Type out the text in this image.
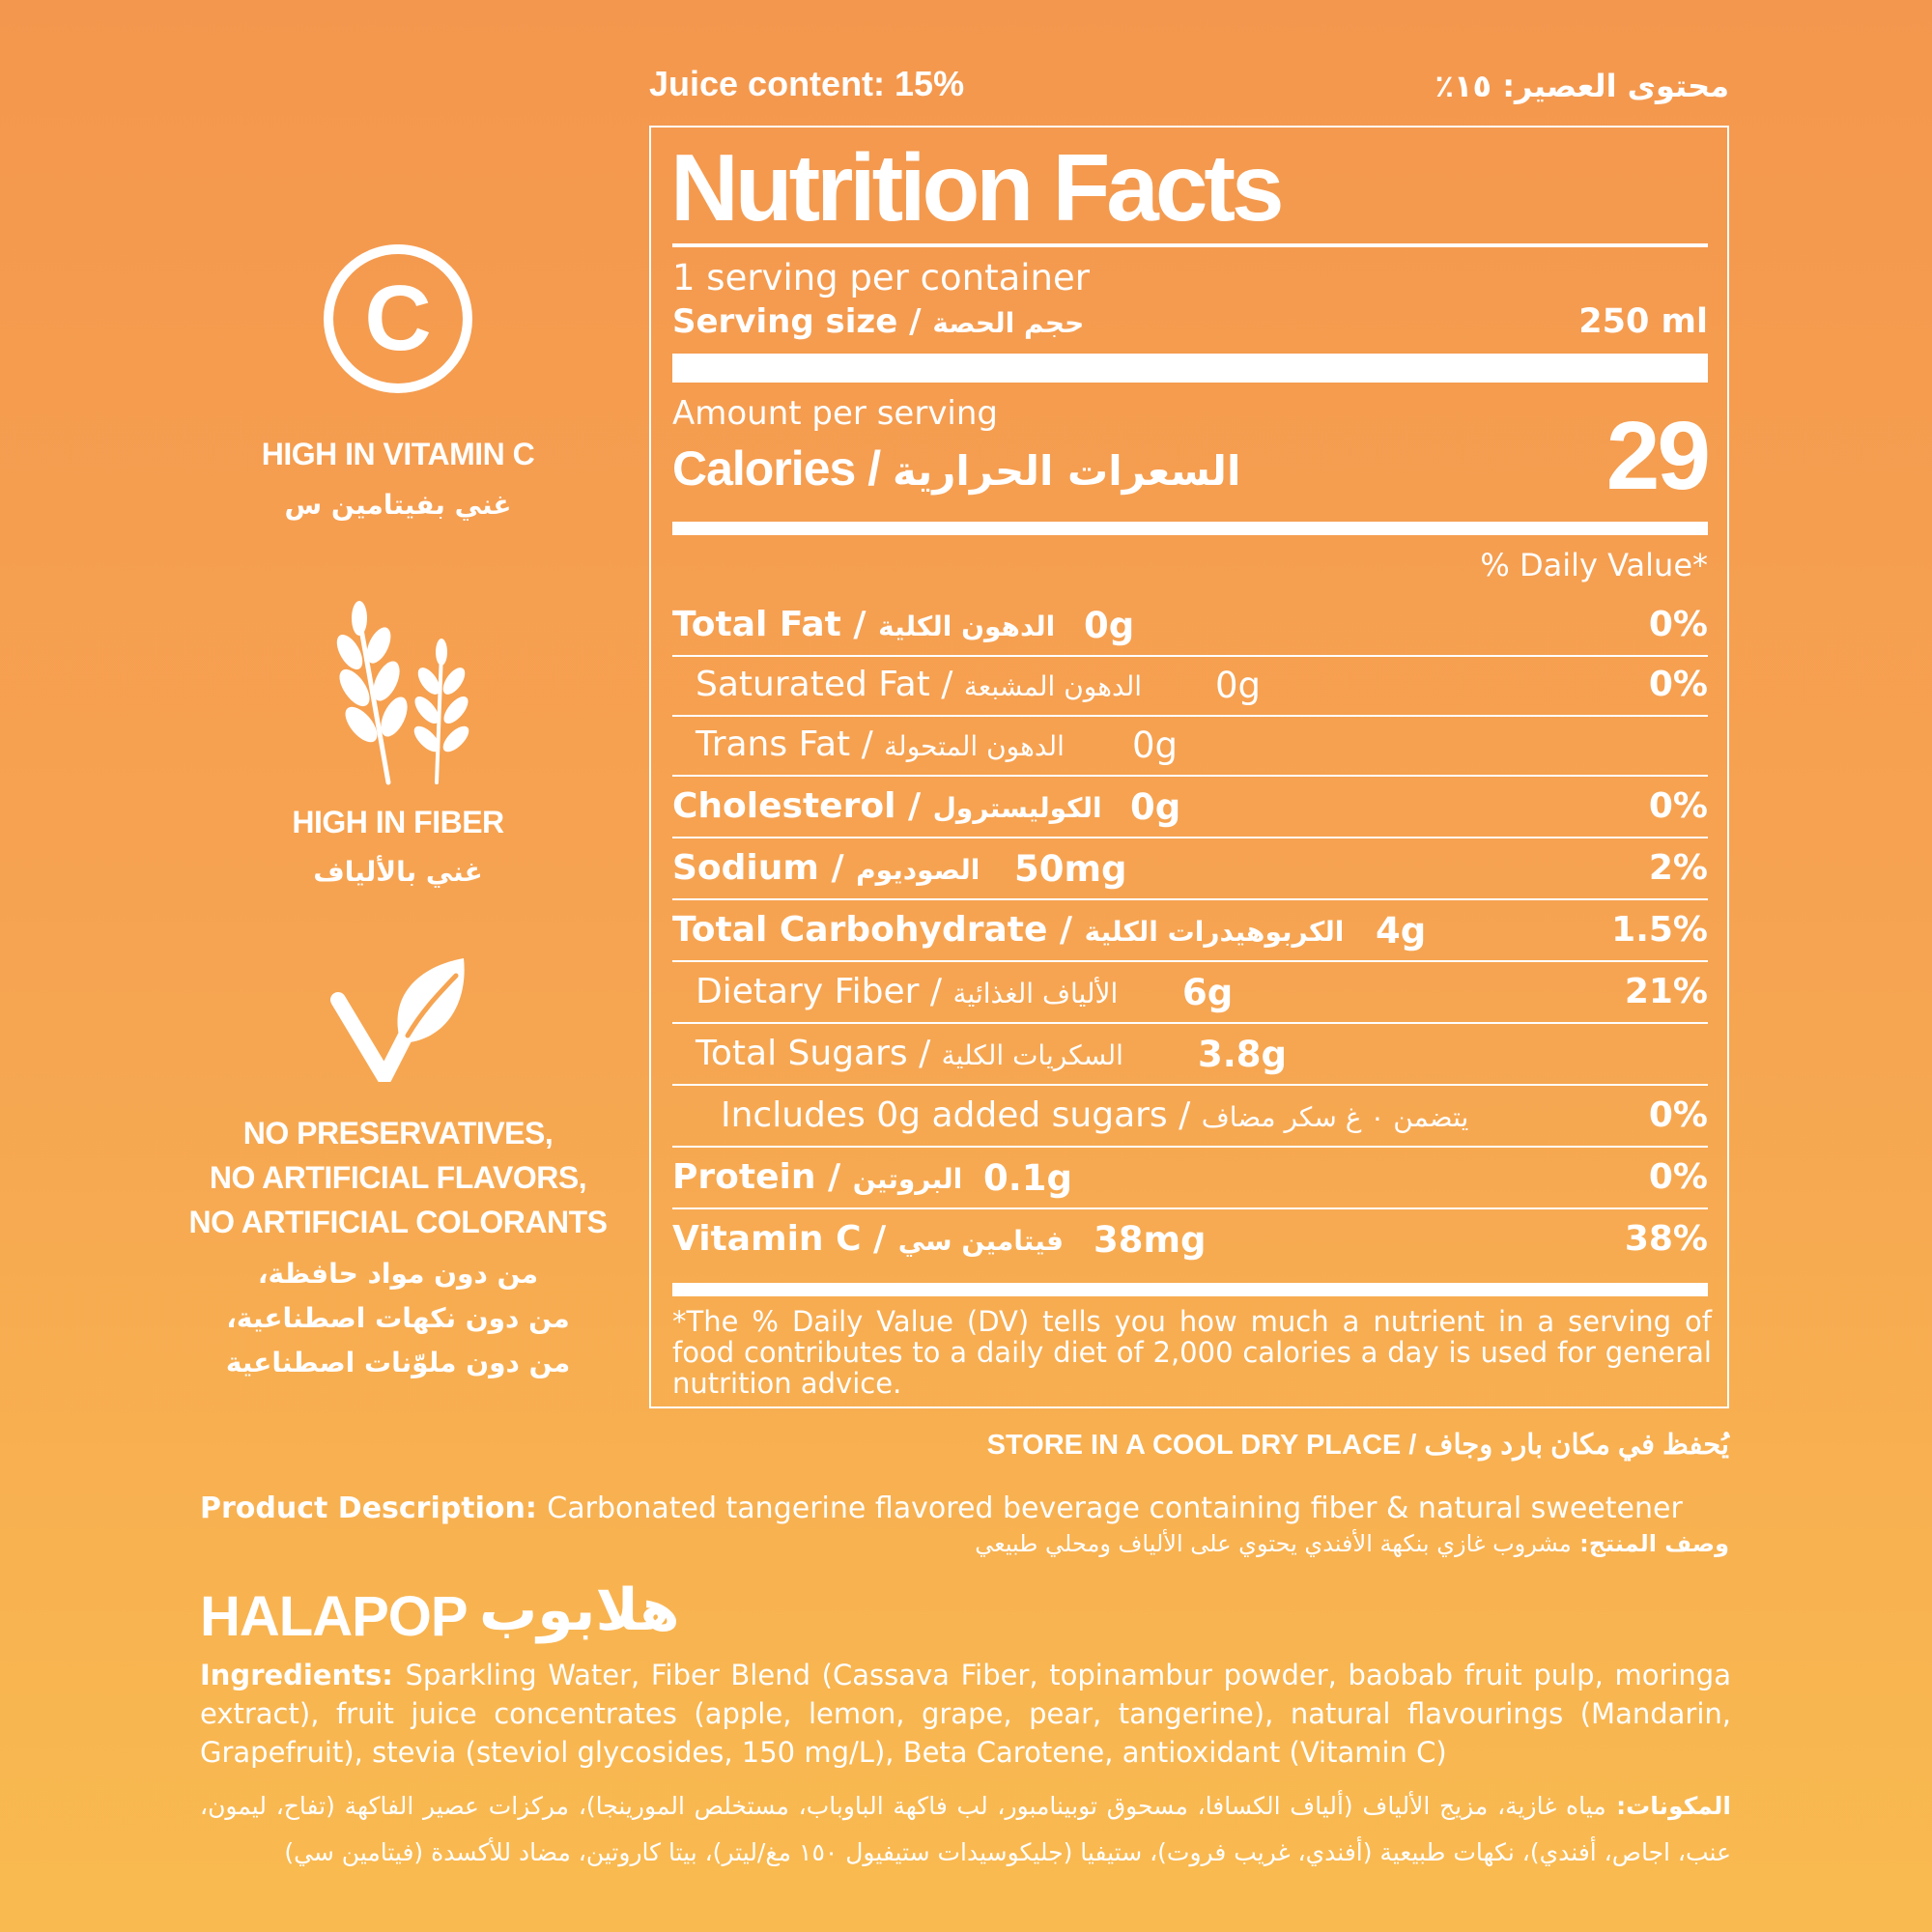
Juice content: 15%	محتوى العصير: ١٥٪
C
HIGH IN VITAMIN C
غني بفيتامين س
HIGH IN FIBER
غني بالألياف
NO PRESERVATIVES,
NO ARTIFICIAL FLAVORS,
NO ARTIFICIAL COLORANTS
من دون مواد حافظة،
من دون نكهات اصطناعية،
من دون ملوّنات اصطناعية
Nutrition Facts
1 serving per container
Serving size / حجم الحصة	250 ml
Amount per serving
Calories / السعرات الحرارية	29
% Daily Value*
Total Fat / الدهون الكلية 0g	0%
Saturated Fat / الدهون المشبعة 0g	0%
Trans Fat / الدهون المتحولة 0g
Cholesterol / الكوليسترول 0g	0%
Sodium / الصوديوم 50mg	2%
Total Carbohydrate / الكربوهيدرات الكلية 4g	1.5%
Dietary Fiber / الألياف الغذائية 6g	21%
Total Sugars / السكريات الكلية 3.8g
Includes 0g added sugars / يتضمن ٠ غ سكر مضاف	0%
Protein / البروتين 0.1g	0%
Vitamin C / فيتامين سي 38mg	38%
*The % Daily Value (DV) tells you how much a nutrient in a serving of food contributes to a daily diet of 2,000 calories a day is used for general nutrition advice.
STORE IN A COOL DRY PLACE / يُحفظ في مكان بارد وجاف
Product Description: Carbonated tangerine flavored beverage containing fiber & natural sweetener
وصف المنتج: مشروب غازي بنكهة الأفندي يحتوي على الألياف ومحلي طبيعي
HALAPOP هلابوب
Ingredients: Sparkling Water, Fiber Blend (Cassava Fiber, topinambur powder, baobab fruit pulp, moringa extract), fruit juice concentrates (apple, lemon, grape, pear, tangerine), natural flavourings (Mandarin, Grapefruit), stevia (steviol glycosides, 150 mg/L), Beta Carotene, antioxidant (Vitamin C)
المكونات: مياه غازية، مزيج الألياف (ألياف الكسافا، مسحوق توبينامبور، لب فاكهة الباوباب، مستخلص المورينجا)، مركزات عصير الفاكهة (تفاح، ليمون، عنب، اجاص، أفندي)، نكهات طبيعية (أفندي، غريب فروت)، ستيفيا (جليكوسيدات ستيفيول ١٥٠ مغ/ليتر)، بيتا كاروتين، مضاد للأكسدة (فيتامين سي)
